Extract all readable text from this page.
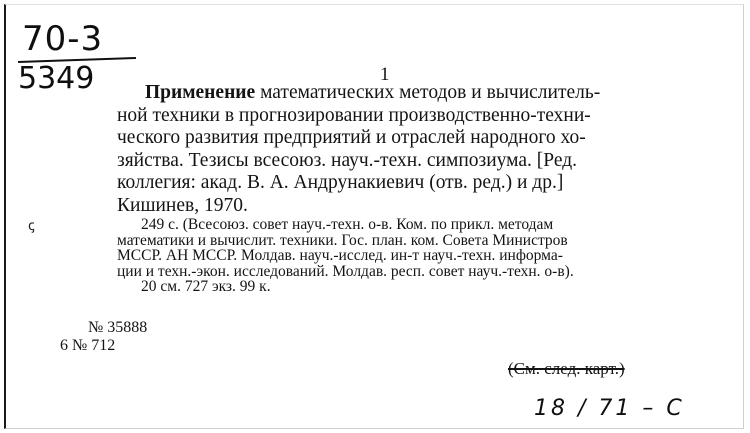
70-3
5349
ꞔ
1

Применение математических методов и вычислитель-
ной техники в прогнозировании производственно-техни-
ческого развития предприятий и отраслей народного хо-
зяйства. Тезисы всесоюз. науч.-техн. симпозиума. [Ред.
коллегия: акад. В. А. Андрунакиевич (отв. ред.) и др.]
Кишинев, 1970.

249 с. (Всесоюз. совет науч.-техн. о-в. Ком. по прикл. методам
математики и вычислит. техники. Гос. план. ком. Совета Министров
МССР. АН МССР. Молдав. науч.-исслед. ин-т науч.-техн. информа-
ции и техн.-экон. исследований. Молдав. респ. совет науч.-техн. о-в).
20 см. 727 экз. 99 к.
№ 35888
6 № 712
(См. след. карт.)
18 / 71 – С
